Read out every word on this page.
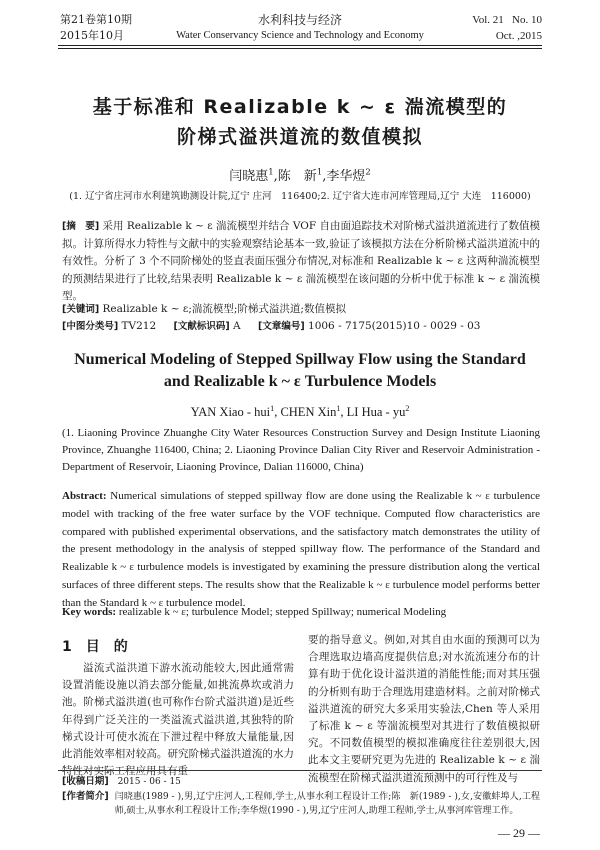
第21卷第10期
2015年10月
水利科技与经济
Water Conservancy Science and Technology and Economy
Vol. 21   No. 10
Oct. ,2015
基于标准和 Realizable k ~ ε 湍流模型的
阶梯式溢洪道流的数值模拟
闫晓惠$^1$,陈　新$^1$,李华煜$^2$
(1. 辽宁省庄河市水利建筑勘测设计院,辽宁 庄河　116400;2. 辽宁省大连市河库管理局,辽宁 大连　116000)
[摘　要] 采用 Realizable k ~ ε 湍流模型并结合 VOF 自由面追踪技术对阶梯式溢洪道流进行了数值模拟。计算所得水力特性与文献中的实验观察结论基本一致,验证了该模拟方法在分析阶梯式溢洪道流中的有效性。分析了 3 个不同阶梯处的竖直表面压强分布情况,对标准和 Realizable k ~ ε 这两种湍流模型的预测结果进行了比较,结果表明 Realizable k ~ ε 湍流模型在该问题的分析中优于标准 k ~ ε 湍流模型。
[关键词] Realizable k ~ ε;湍流模型;阶梯式溢洪道;数值模拟
[中图分类号] TV212 [文献标识码] A [文章编号] 1006 - 7175(2015)10 - 0029 - 03
Numerical Modeling of Stepped Spillway Flow using the Standard
and Realizable k ~ ε Turbulence Models
YAN Xiao - hui$^1$, CHEN Xin$^1$, LI Hua - $yu^2$
(1. Liaoning Province Zhuanghe City Water Resources Construction Survey and Design Institute Liaoning Province, Zhuanghe 116400, China; 2. Liaoning Province Dalian City River and Reservoir Administration - Department of Reservoir, Liaoning Province, Dalian 116000, China)
Abstract: Numerical simulations of stepped spillway flow are done using the Realizable k ~ ε turbulence model with tracking of the free water surface by the VOF technique. Computed flow characteristics are compared with published experimental observations, and the satisfactory match demonstrates the utility of the present methodology in the analysis of stepped spillway flow. The performance of the Standard and Realizable k ~ ε turbulence models is investigated by examining the pressure distribution along the vertical surfaces of three different steps. The results show that the Realizable k ~ ε turbulence model performs better than the Standard k ~ ε turbulence model.
Key words: realizable k ~ ε; turbulence Model; stepped Spillway; numerical Modeling
1　目　的
溢流式溢洪道下游水流动能较大,因此通常需设置消能设施以消去部分能量,如挑流鼻坎或消力池。阶梯式溢洪道(也可称作台阶式溢洪道)是近些年得到广泛关注的一类溢流式溢洪道,其独特的阶梯式设计可使水流在下泄过程中释放大量能量,因此消能效率相对较高。研究阶梯式溢洪道流的水力特性对实际工程应用具有重
要的指导意义。例如,对其自由水面的预测可以为合理选取边墙高度提供信息;对水流流速分布的计算有助于优化设计溢洪道的消能性能;而对其压强的分析则有助于合理选用建造材料。之前对阶梯式溢洪道流的研究大多采用实验法,Chen 等人采用了标准 k ~ ε 等湍流模型对其进行了数值模拟研究。不同数值模型的模拟准确度往往差别很大,因此本文主要研究更为先进的 Realizable k ~ ε 湍流模型在阶梯式溢洪道流预测中的可行性及与
[收稿日期] 2015 - 06 - 15
[作者简介] 闫晓惠(1989 - ),男,辽宁庄河人,工程师,学士,从事水利工程设计工作;陈　新(1989 - ),女,安徽蚌埠人,工程师,硕士,从事水利工程设计工作;李华煜(1990 - ),男,辽宁庄河人,助理工程师,学士,从事河库管理工作。
— 29 —
